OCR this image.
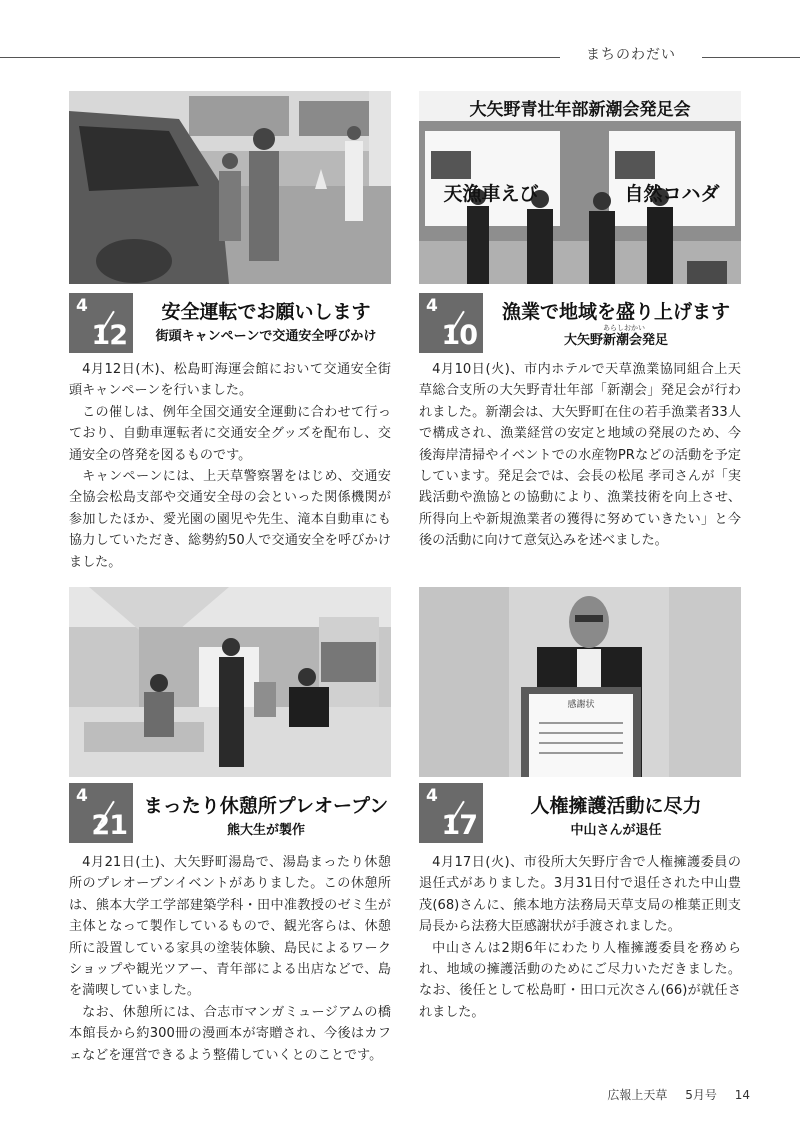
まちのわだい
4
12
安全運転でお願いします
街頭キャンペーンで交通安全呼びかけ

4月12日(木)、松島町海運会館において交通安全街頭キャンペーンを行いました。

この催しは、例年全国交通安全運動に合わせて行っており、自動車運転者に交通安全グッズを配布し、交通安全の啓発を図るものです。

キャンペーンには、上天草警察署をはじめ、交通安全協会松島支部や交通安全母の会といった関係機関が参加したほか、愛光園の園児や先生、滝本自動車にも協力していただき、総勢約50人で交通安全を呼びかけました。

大矢野青壮年部新潮会発足会
天漁車えび	自然コハダ
4
10
漁業で地域を盛り上げます
あらしおかい
大矢野新潮会発足

4月10日(火)、市内ホテルで天草漁業協同組合上天草総合支所の大矢野青壮年部「新潮会」発足会が行われました。新潮会は、大矢野町在住の若手漁業者33人で構成され、漁業経営の安定と地域の発展のため、今後海岸清掃やイベントでの水産物PRなどの活動を予定しています。発足会では、会長の松尾 孝司さんが「実践活動や漁協との協動により、漁業技術を向上させ、所得向上や新規漁業者の獲得に努めていきたい」と今後の活動に向けて意気込みを述べました。

4
21
まったり休憩所プレオープン
熊大生が製作

4月21日(土)、大矢野町湯島で、湯島まったり休憩所のプレオープンイベントがありました。この休憩所は、熊本大学工学部建築学科・田中准教授のゼミ生が主体となって製作しているもので、観光客らは、休憩所に設置している家具の塗装体験、島民によるワークショップや観光ツアー、青年部による出店などで、島を満喫していました。

なお、休憩所には、合志市マンガミュージアムの橋本館長から約300冊の漫画本が寄贈され、今後はカフェなどを運営できるよう整備していくとのことです。

感謝状
4
17
人権擁護活動に尽力
中山さんが退任

4月17日(火)、市役所大矢野庁舎で人権擁護委員の退任式がありました。3月31日付で退任された中山豊茂(68)さんに、熊本地方法務局天草支局の椎葉正則支局長から法務大臣感謝状が手渡されました。

中山さんは2期6年にわたり人権擁護委員を務められ、地域の擁護活動のためにご尽力いただきました。なお、後任として松島町・田口元次さん(66)が就任されました。

広報上天草 5月号 14
